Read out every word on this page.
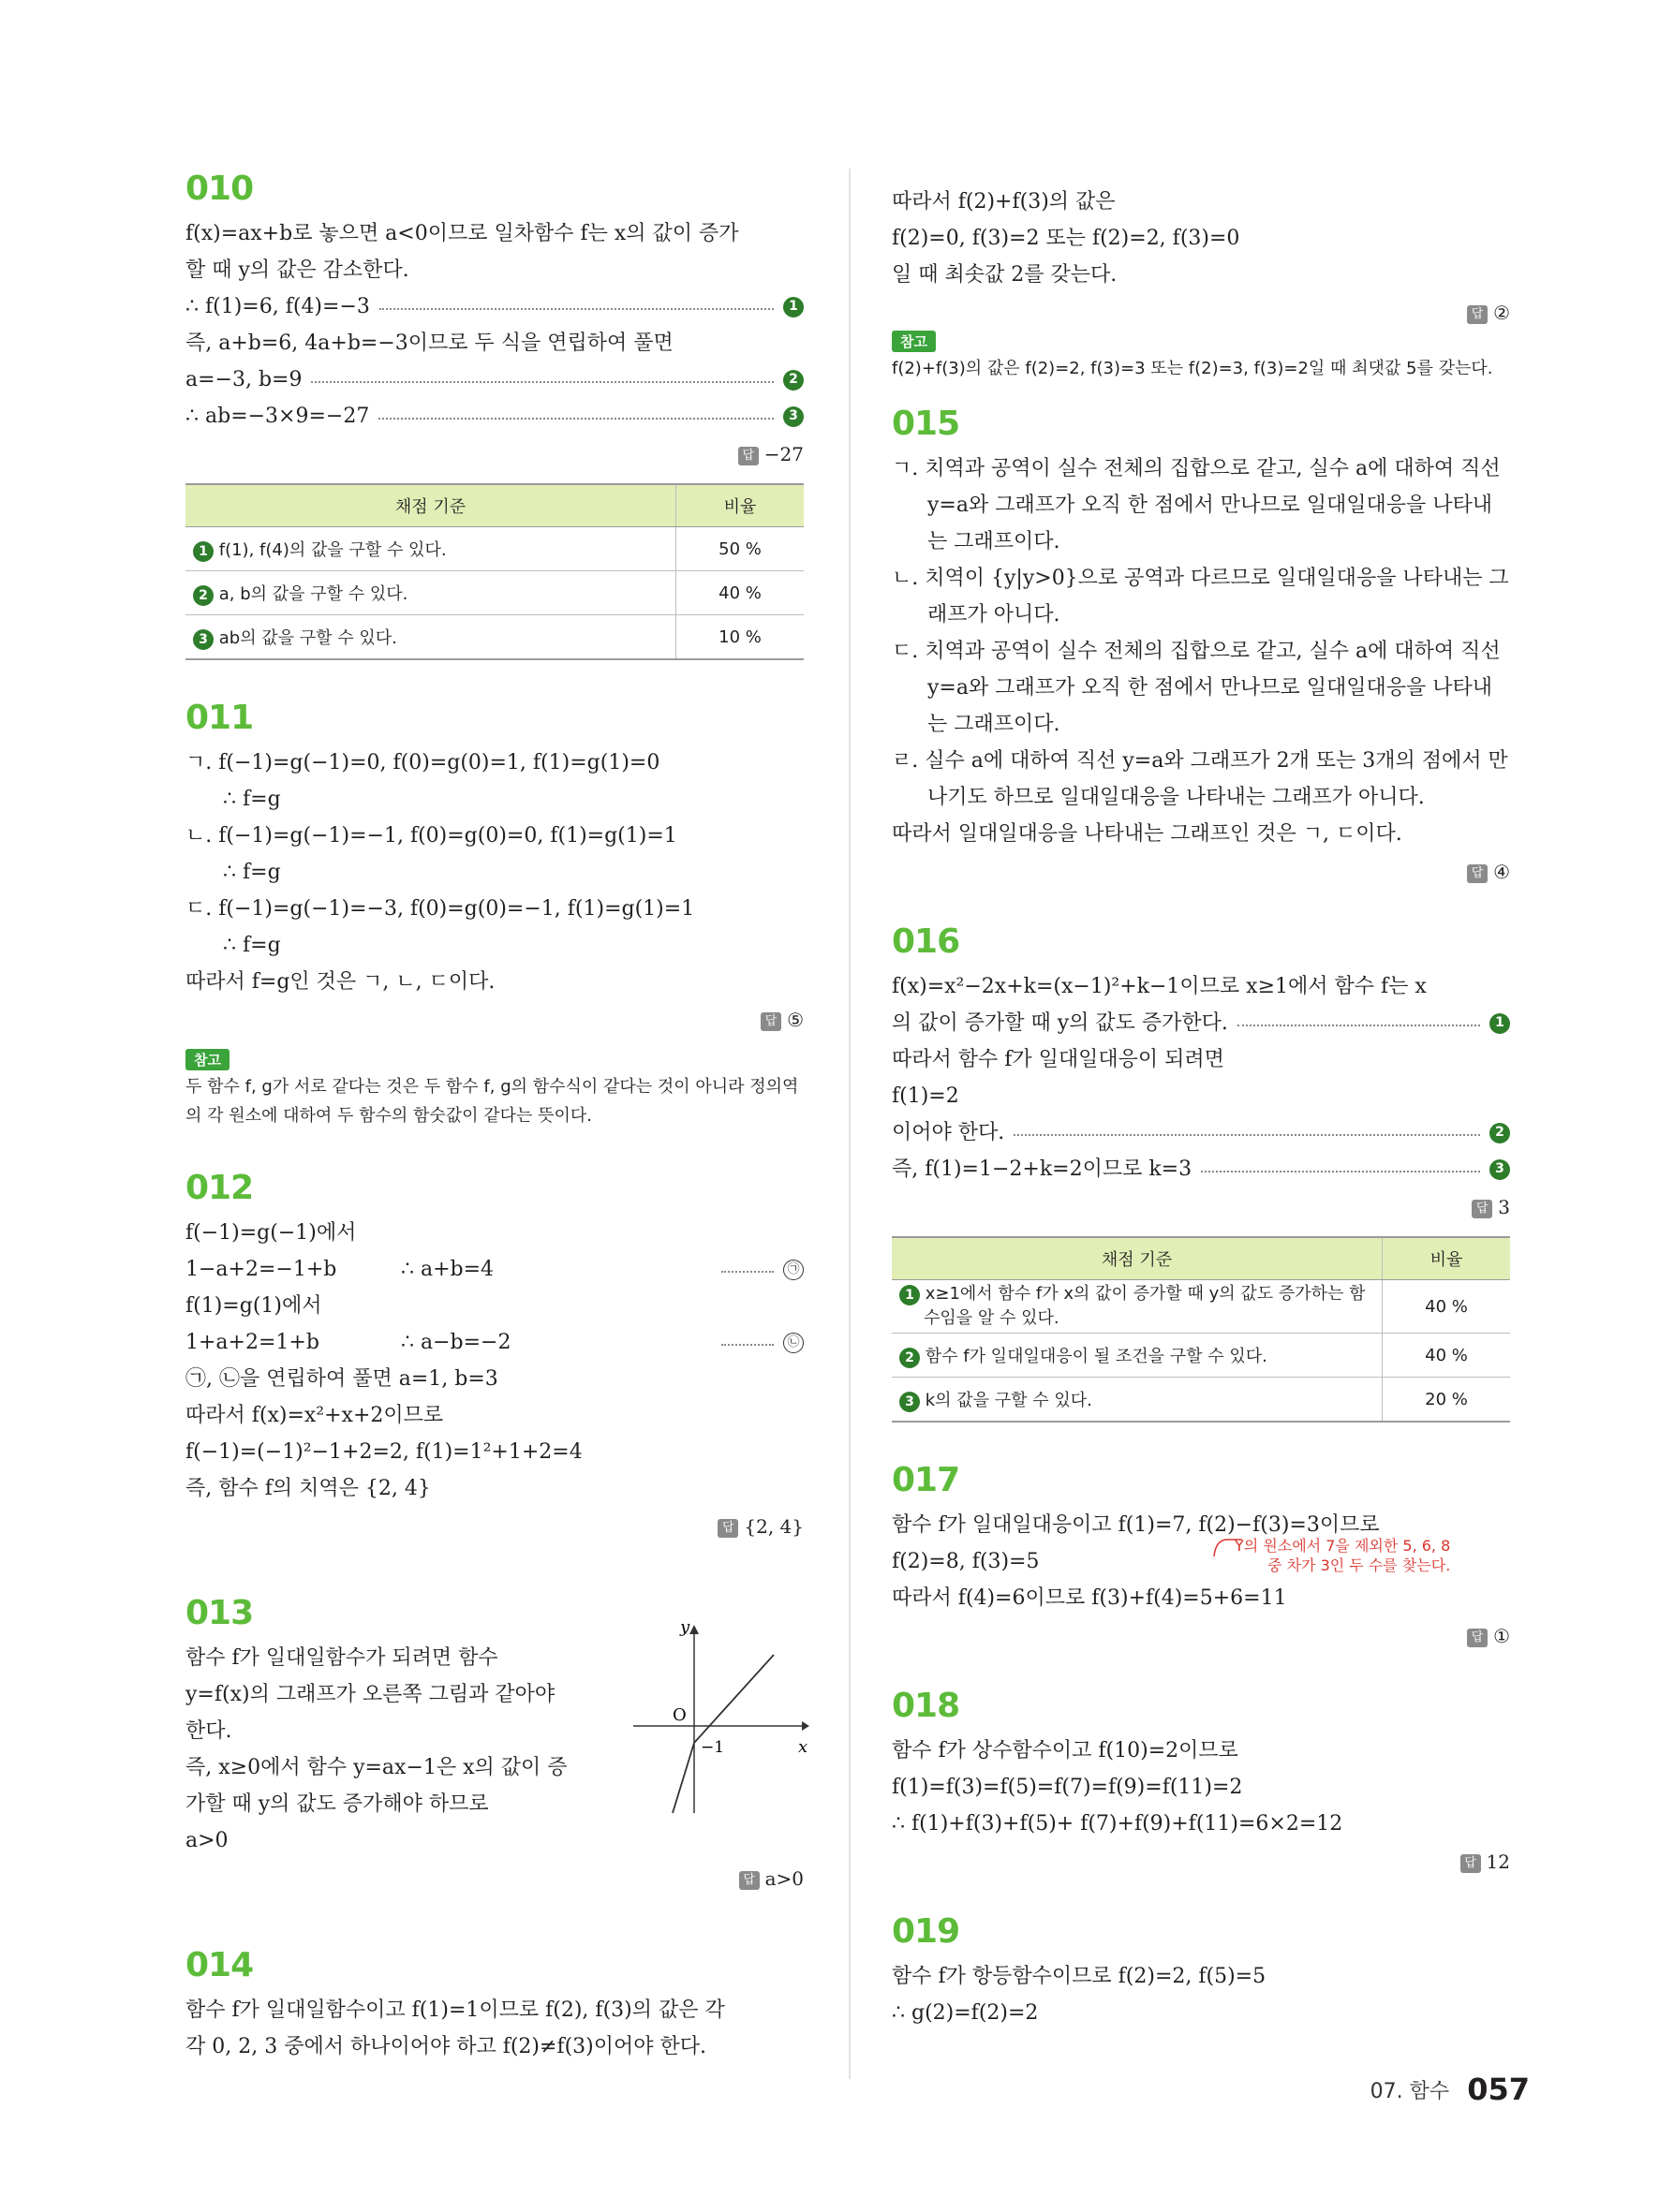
010
f(x)=ax+b로 놓으면 a<0이므로 일차함수 f는 x의 값이 증가
할 때 y의 값은 감소한다.
∴ f(1)=6, f(4)=−3	1
즉, a+b=6, 4a+b=−3이므로 두 식을 연립하여 풀면
a=−3, b=9	2
∴ ab=−3×9=−27	3
답 −27
채점 기준	비율
1 f(1), f(4)의 값을 구할 수 있다.	50 %
2 a, b의 값을 구할 수 있다.	40 %
3 ab의 값을 구할 수 있다.	10 %
011
ㄱ. f(−1)=g(−1)=0, f(0)=g(0)=1, f(1)=g(1)=0
∴ f=g
ㄴ. f(−1)=g(−1)=−1, f(0)=g(0)=0, f(1)=g(1)=1
∴ f=g
ㄷ. f(−1)=g(−1)=−3, f(0)=g(0)=−1, f(1)=g(1)=1
∴ f=g
따라서 f=g인 것은 ㄱ, ㄴ, ㄷ이다.
답 ⑤
참고
두 함수 f, g가 서로 같다는 것은 두 함수 f, g의 함수식이 같다는 것이 아니라 정의역의 각 원소에 대하여 두 함수의 함숫값이 같다는 뜻이다.
012
f(−1)=g(−1)에서
1−a+2=−1+b	∴ a+b=4	㉠
f(1)=g(1)에서
1+a+2=1+b	∴ a−b=−2	㉡
㉠, ㉡을 연립하여 풀면 a=1, b=3
따라서 f(x)=x²+x+2이므로
f(−1)=(−1)²−1+2=2, f(1)=1²+1+2=4
즉, 함수 f의 치역은 {2, 4}
답 {2, 4}
013
함수 f가 일대일함수가 되려면 함수
y=f(x)의 그래프가 오른쪽 그림과 같아야
한다.
즉, x≥0에서 함수 y=ax−1은 x의 값이 증
가할 때 y의 값도 증가해야 하므로
a>0
y
x
O
−1
답 a>0
014
함수 f가 일대일함수이고 f(1)=1이므로 f(2), f(3)의 값은 각
각 0, 2, 3 중에서 하나이어야 하고 f(2)≠f(3)이어야 한다.
따라서 f(2)+f(3)의 값은
f(2)=0, f(3)=2 또는 f(2)=2, f(3)=0
일 때 최솟값 2를 갖는다.
답 ②
참고
f(2)+f(3)의 값은 f(2)=2, f(3)=3 또는 f(2)=3, f(3)=2일 때 최댓값 5를 갖는다.
015
ㄱ. 치역과 공역이 실수 전체의 집합으로 같고, 실수 a에 대하여 직선 y=a와 그래프가 오직 한 점에서 만나므로 일대일대응을 나타내는 그래프이다.
ㄴ. 치역이 {y|y>0}으로 공역과 다르므로 일대일대응을 나타내는 그래프가 아니다.
ㄷ. 치역과 공역이 실수 전체의 집합으로 같고, 실수 a에 대하여 직선 y=a와 그래프가 오직 한 점에서 만나므로 일대일대응을 나타내는 그래프이다.
ㄹ. 실수 a에 대하여 직선 y=a와 그래프가 2개 또는 3개의 점에서 만나기도 하므로 일대일대응을 나타내는 그래프가 아니다.
따라서 일대일대응을 나타내는 그래프인 것은 ㄱ, ㄷ이다.
답 ④
016
f(x)=x²−2x+k=(x−1)²+k−1이므로 x≥1에서 함수 f는 x
의 값이 증가할 때 y의 값도 증가한다.	1
따라서 함수 f가 일대일대응이 되려면
f(1)=2
이어야 한다.	2
즉, f(1)=1−2+k=2이므로 k=3	3
답 3
채점 기준	비율
1 x≥1에서 함수 f가 x의 값이 증가할 때 y의 값도 증가하는 함수임을 알 수 있다.	40 %
2 함수 f가 일대일대응이 될 조건을 구할 수 있다.	40 %
3 k의 값을 구할 수 있다.	20 %
017
함수 f가 일대일대응이고 f(1)=7, f(2)−f(3)=3이므로
f(2)=8, f(3)=5
따라서 f(4)=6이므로 f(3)+f(4)=5+6=11
답 ①
018
함수 f가 상수함수이고 f(10)=2이므로
f(1)=f(3)=f(5)=f(7)=f(9)=f(11)=2
∴ f(1)+f(3)+f(5)+ f(7)+f(9)+f(11)=6×2=12
답 12
019
함수 f가 항등함수이므로 f(2)=2, f(5)=5
∴ g(2)=f(2)=2
Y의 원소에서 7을 제외한 5, 6, 8
중 차가 3인 두 수를 찾는다.
07. 함수 057
